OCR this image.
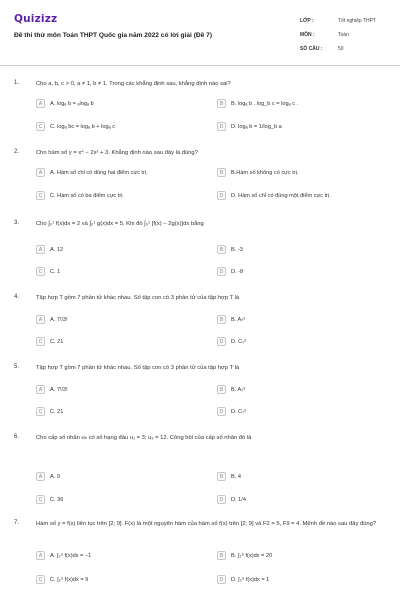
Quizizz
Đề thi thử môn Toán THPT Quốc gia năm 2022 có lời giải (Đề 7)
LỚP :	Tốt nghiệp THPT
MÔN :	Toán
SỐ CÂU :	50
1.	Cho a, b, c > 0, a ≠ 1, b ≠ 1. Trong các khẳng định sau, khẳng định nào sai?
A	A. logₐ b = ₐlogₐ b	B	B. logₐ b . log_b c = logₐ c .
C	C. logₐ bc = logₐ b + logₐ c	D	D. logₐ b = 1/log_b a
2.	Cho hàm số y = x⁴ − 2x² + 3. Khẳng định nào sau đây là đúng?
A	A. Hàm số chỉ có đúng hai điểm cực trị.	B	B.Hàm số không có cực trị.
C	C. Hàm số có ba điểm cực trị	D	D. Hàm số chỉ có đúng một điểm cực trị.
3.	Cho ∫₀¹ f(x)dx = 2 và ∫₀¹ g(x)dx = 5. Khi đó ∫₀¹ [f(x) − 2g(x)]dx bằng
A	A. 12	B	B. -3
C	C. 1	D	D. -8
4.	Tập hợp T gồm 7 phần tử khác nhau. Số tập con có 3 phần tử của tập hợp T là
A	A. 7!/3!	B	B. A₇³
C	C. 21	D	D. C₇³
5.	Tập hợp T gồm 7 phần tử khác nhau. Số tập con có 3 phần tử của tập hợp T là
A	A. 7!/3!	B	B. A₇³
C	C. 21	D	D. C₇³
6.	Cho cấp số nhân uₙ có số hạng đầu u₁ = 3; u₂ = 12. Công bội của cấp số nhân đó là
A	A. 9	B	B. 4
C	C. 36	D	D. 1/4
7.	Hàm số y = f(x) liên tục trên [2; 9]. F(x) là một nguyên hàm của hàm số f(x) trên [2; 9] và F2 = 5, F9 = 4. Mệnh đề nào sau đây đúng?
A	A. ∫₂⁹ f(x)dx = −1	B	B. ∫₂⁹ f(x)dx = 20
C	C. ∫₂⁹ f(x)dx = 9	D	D. ∫₂⁹ f(x)dx = 1
